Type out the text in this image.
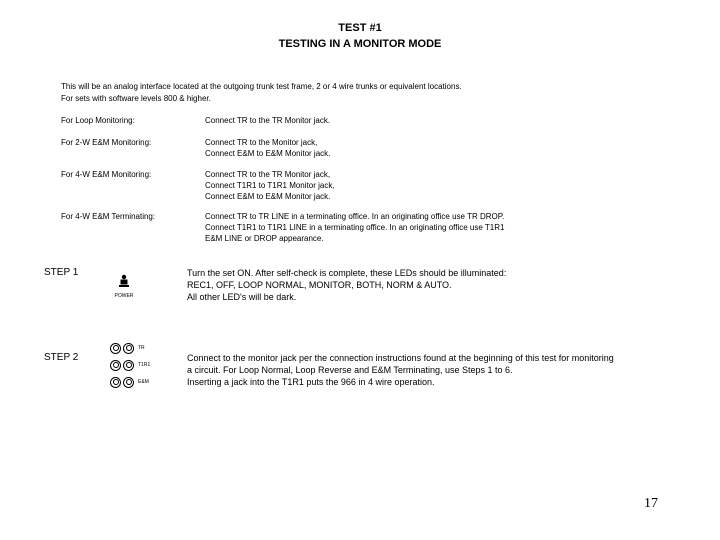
TEST #1
TESTING IN A MONITOR MODE
This will be an analog interface located at the outgoing trunk test frame, 2 or 4 wire trunks or equivalent locations.
For sets with software levels 800 & higher.
For Loop Monitoring:	Connect TR to the TR Monitor jack.
For 2-W E&M Monitoring:	Connect TR to the Monitor jack,
Connect E&M to E&M Monitor jack.
For 4-W E&M Monitoring:	Connect TR to the TR Monitor jack,
Connect T1R1 to T1R1 Monitor jack,
Connect E&M to E&M Monitor jack.
For 4-W E&M Terminating:	Connect TR to TR LINE in a terminating office. In an originating office use TR DROP.
Connect T1R1 to T1R1 LINE in a terminating office. In an originating office use T1R1
E&M LINE or DROP appearance.
STEP 1
POWER
Turn the set ON. After self-check is complete, these LEDs should be illuminated:
REC1, OFF, LOOP NORMAL, MONITOR, BOTH, NORM & AUTO.
All other LED's will be dark.
STEP 2
TR
T1R1
E&M
Connect to the monitor jack per the connection instructions found at the beginning of this test for monitoring
a circuit. For Loop Normal, Loop Reverse and E&M Terminating, use Steps 1 to 6.
Inserting a jack into the T1R1 puts the 966 in 4 wire operation.
17
